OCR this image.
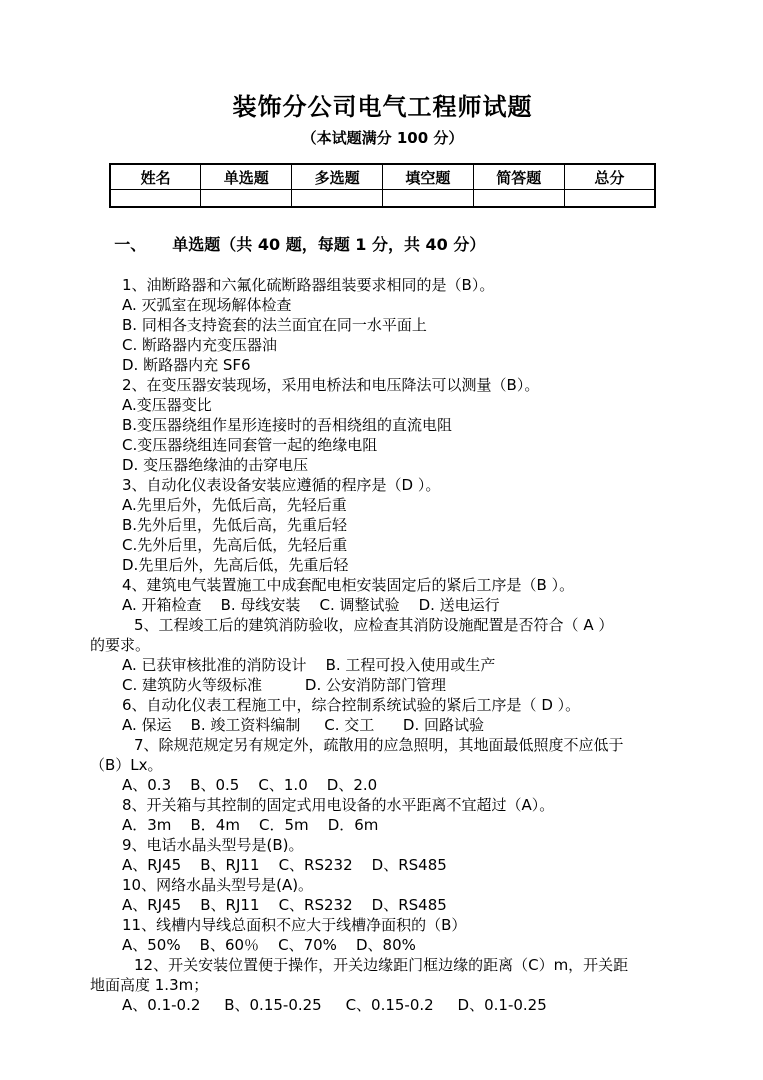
装饰分公司电气工程师试题
（本试题满分 100 分）
姓名	单选题	多选题	填空题	简答题	总分

一、 单选题（共 40 题，每题 1 分，共 40 分）

1、油断路器和六氟化硫断路器组装要求相同的是（B）。
A. 灭弧室在现场解体检查
B. 同相各支持瓷套的法兰面宜在同一水平面上
C. 断路器内充变压器油
D. 断路器内充 SF6
2、在变压器安装现场，采用电桥法和电压降法可以测量（B）。
A.变压器变比
B.变压器绕组作星形连接时的吾相绕组的直流电阻
C.变压器绕组连同套管一起的绝缘电阻
D. 变压器绝缘油的击穿电压
3、自动化仪表设备安装应遵循的程序是（D ）。
A.先里后外，先低后高，先轻后重
B.先外后里，先低后高，先重后轻
C.先外后里，先高后低，先轻后重
D.先里后外，先高后低，先重后轻
4、建筑电气装置施工中成套配电柜安装固定后的紧后工序是（B ）。
A. 开箱检查    B. 母线安装    C. 调整试验    D. 送电运行
5、工程竣工后的建筑消防验收，应检查其消防设施配置是否符合（ A ）
的要求。
A. 已获审核批准的消防设计    B. 工程可投入使用或生产
C. 建筑防火等级标准         D. 公安消防部门管理
6、自动化仪表工程施工中，综合控制系统试验的紧后工序是（ D ）。
A. 保运    B. 竣工资料编制     C. 交工      D. 回路试验
7、除规范规定另有规定外，疏散用的应急照明，其地面最低照度不应低于
（B）Lx。
A、0.3    B、0.5    C、1.0    D、2.0
8、开关箱与其控制的固定式用电设备的水平距离不宜超过（A）。
A．3m    B．4m    C．5m    D．6m
9、电话水晶头型号是(B)。
A、RJ45    B、RJ11    C、RS232    D、RS485
10、网络水晶头型号是(A)。
A、RJ45    B、RJ11    C、RS232    D、RS485
11、线槽内导线总面积不应大于线槽净面积的（B）
A、50%    B、60％    C、70%    D、80%
12、开关安装位置便于操作，开关边缘距门框边缘的距离（C）m，开关距
地面高度 1.3m；
A、0.1-0.2     B、0.15-0.25     C、0.15-0.2     D、0.1-0.25
